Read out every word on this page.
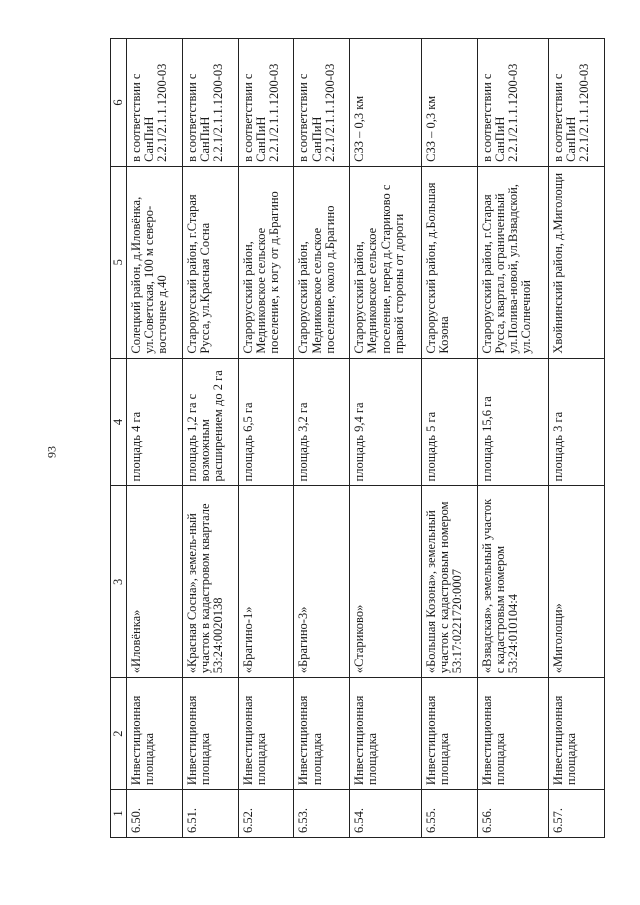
93
1	2	3	4	5	6
6.50.	Инвестиционная площадка	«Иловёнка»	площадь 4 га	Солецкий район, д.Иловёнка, ул.Советская, 100 м северо-восточнее д.40	в соответствии с СанПиН 2.2.1/2.1.1.1200-03
6.51.	Инвестиционная площадка	«Красная Сосна», земель-ный участок в кадастровом квартале 53:24:0020138	площадь 1,2 га с возможным расширением до 2 га	Старорусский район, г.Старая Русса, ул.Красная Сосна	в соответствии с СанПиН 2.2.1/2.1.1.1200-03
6.52.	Инвестиционная площадка	«Брагино-1»	площадь 6,5 га	Старорусский район, Медниковское сельское поселение, к югу от д.Брагино	в соответствии с СанПиН 2.2.1/2.1.1.1200-03
6.53.	Инвестиционная площадка	«Брагино-3»	площадь 3,2 га	Старорусский район, Медниковское сельское поселение, около д.Брагино	в соответствии с СанПиН 2.2.1/2.1.1.1200-03
6.54.	Инвестиционная площадка	«Стариково»	площадь 9,4 га	Старорусский район, Медниковское сельское поселение, перед д.Стариково с правой стороны от дороги	СЗЗ – 0,3 км
6.55.	Инвестиционная площадка	«Большая Козона», земельный участок с кадастровым номером 53:17:0221720:0007	площадь 5 га	Старорусский район, д.Большая Козона	СЗЗ – 0,3 км
6.56.	Инвестиционная площадка	«Взвадская», земельный участок с кадастровым номером 53:24:010104:4	площадь 15,6 га	Старорусский район, г.Старая Русса, квартал, ограниченный ул.Полива-новой, ул.Взвадской, ул.Солнечной	в соответствии с СанПиН 2.2.1/2.1.1.1200-03
6.57.	Инвестиционная площадка	«Миголощи»	площадь 3 га	Хвойнинский район, д.Миголощи	в соответствии с СанПиН 2.2.1/2.1.1.1200-03
